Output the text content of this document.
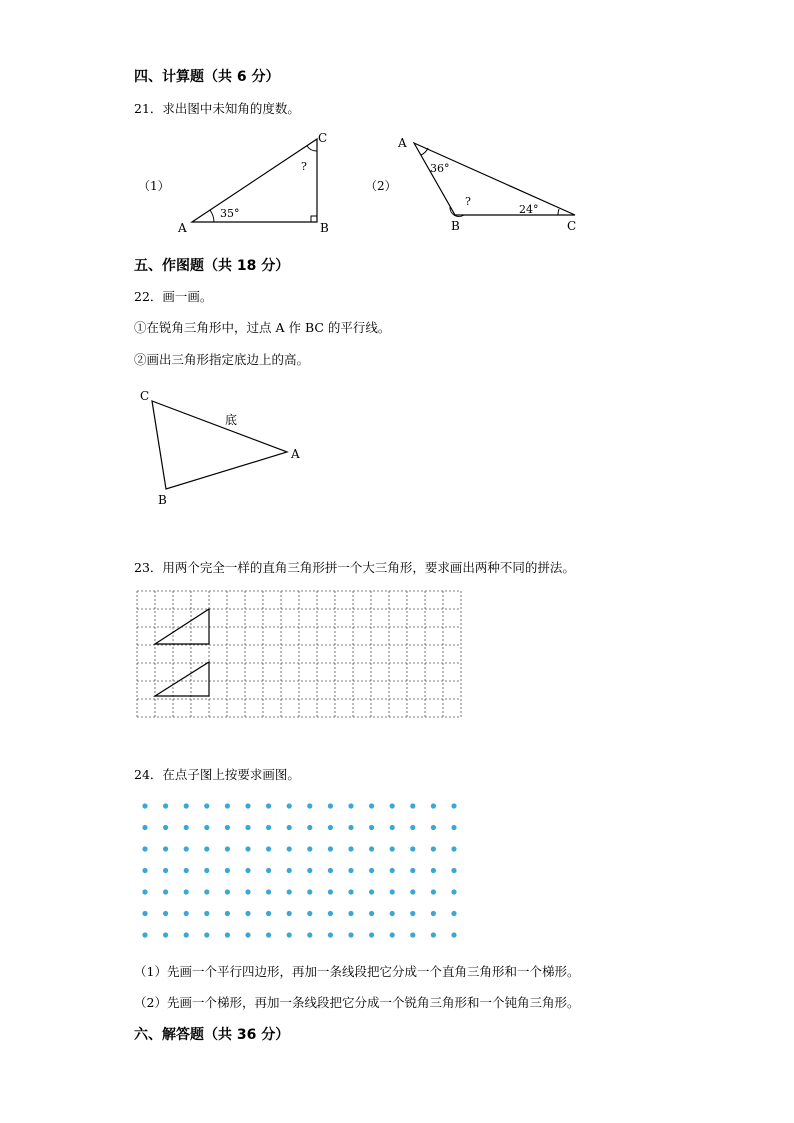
四、计算题（共 6 分）
21．求出图中未知角的度数。
（1）
A	B
C
35°
?
（2）
A
B	C
36°
?
24°
五、作图题（共 18 分）
22．画一画。
①在锐角三角形中，过点 A 作 BC 的平行线。
②画出三角形指定底边上的高。
C
B
A
底
23．用两个完全一样的直角三角形拼一个大三角形，要求画出两种不同的拼法。
24．在点子图上按要求画图。
（1）先画一个平行四边形，再加一条线段把它分成一个直角三角形和一个梯形。
（2）先画一个梯形，再加一条线段把它分成一个锐角三角形和一个钝角三角形。
六、解答题（共 36 分）
